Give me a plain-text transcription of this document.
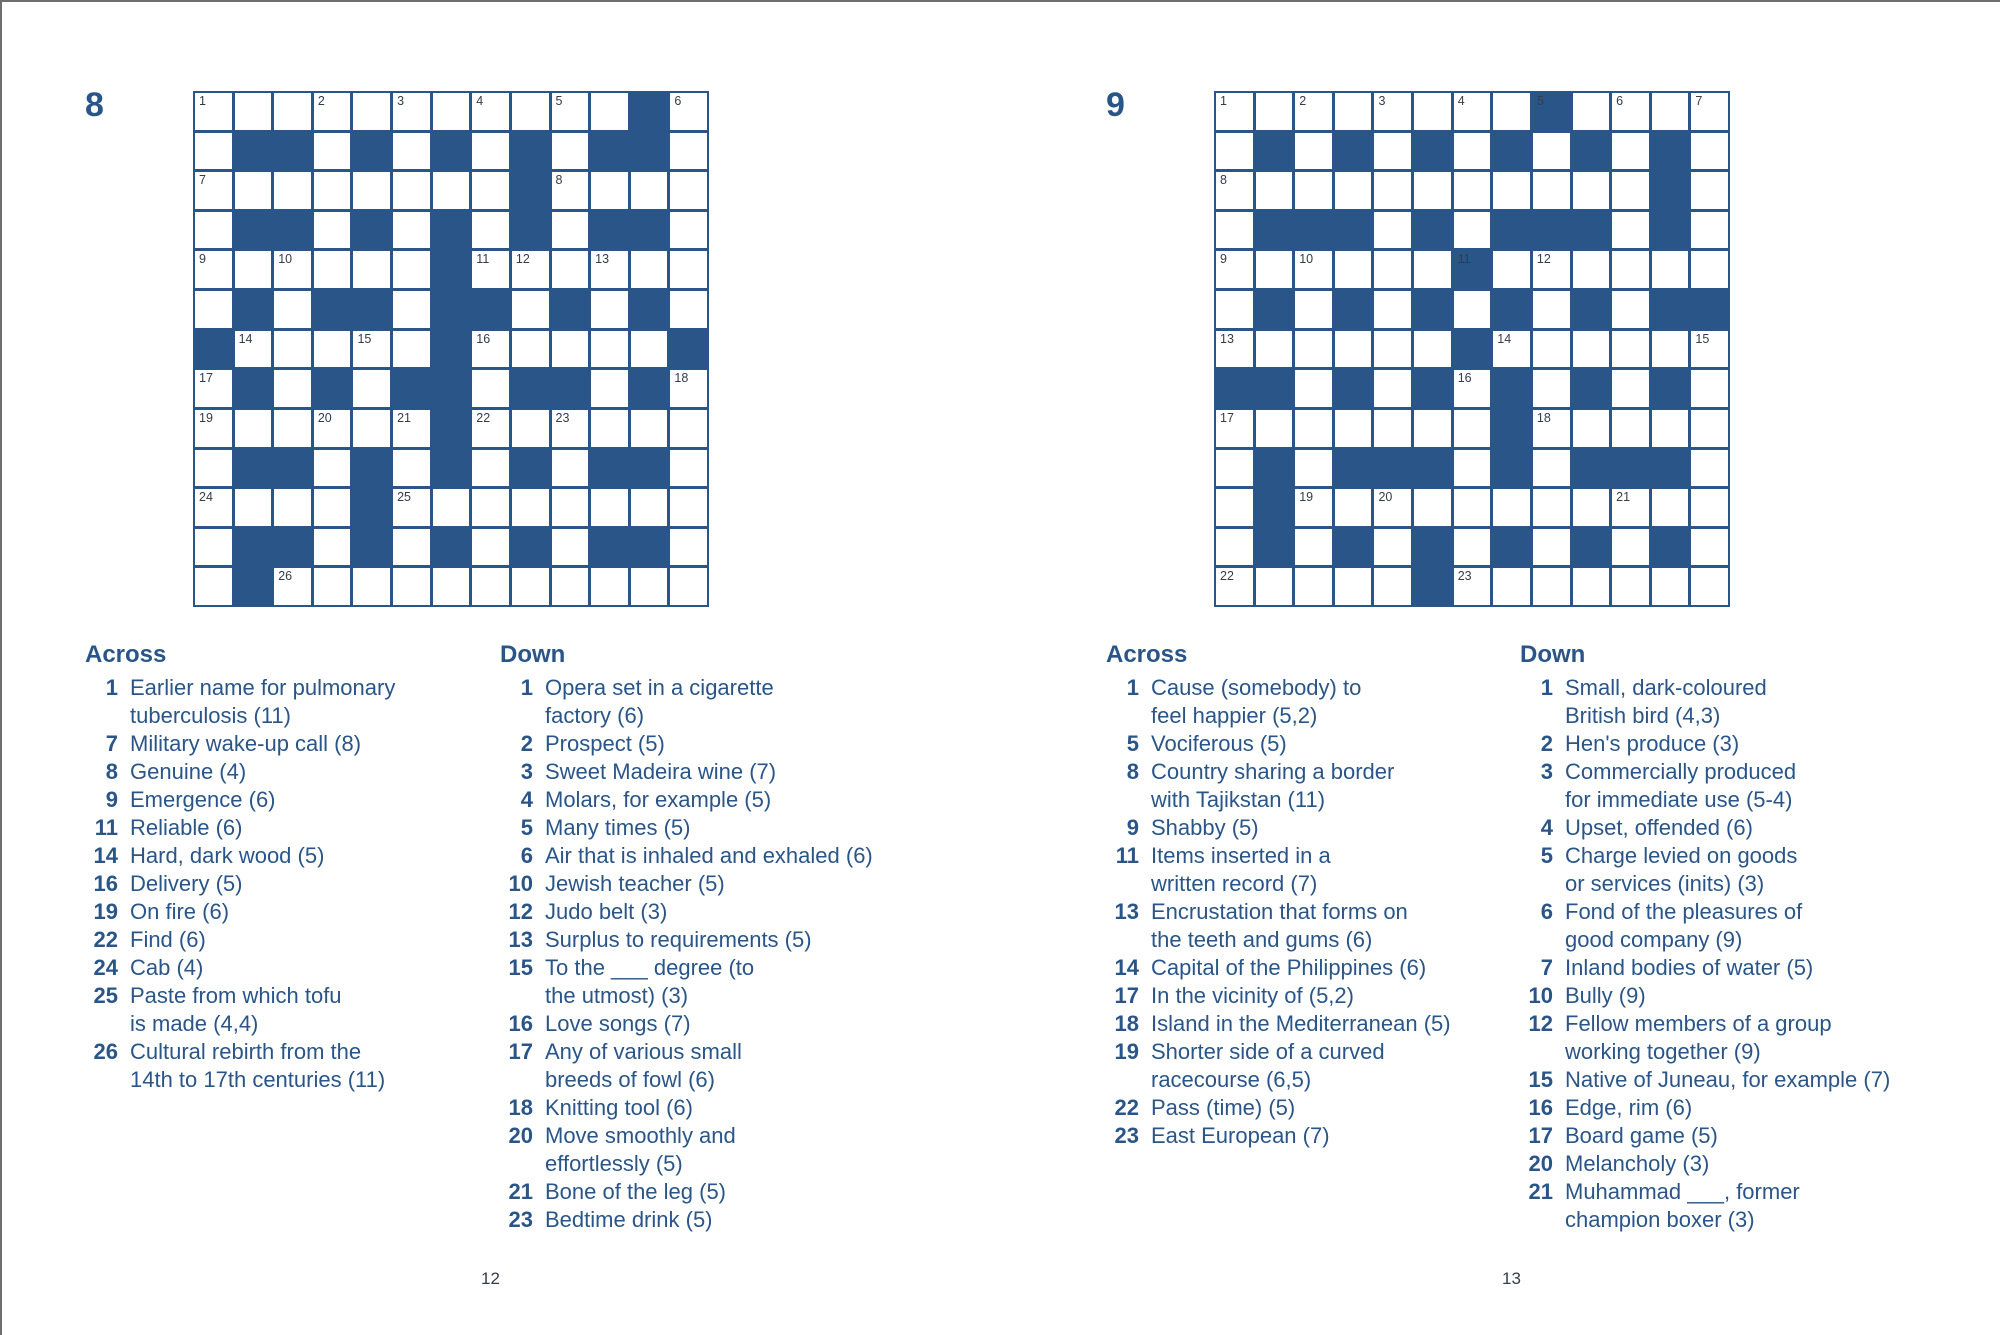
8	1	2	3	4	5	6
7	8
9	10	11 12	13
14	15	16
17	18
19	20	21	22	23
24	25
26
Across
1 Earlier name for pulmonary
tuberculosis (11)
7 Military wake-up call (8)
8 Genuine (4)
9 Emergence (6)
11 Reliable (6)
14 Hard, dark wood (5)
16 Delivery (5)
19 On fire (6)
22 Find (6)
24 Cab (4)
25 Paste from which tofu
is made (4,4)
26 Cultural rebirth from the
14th to 17th centuries (11)
Down
1 Opera set in a cigarette
factory (6)
2 Prospect (5)
3 Sweet Madeira wine (7)
4 Molars, for example (5)
5 Many times (5)
6 Air that is inhaled and exhaled (6)
10 Jewish teacher (5)
12 Judo belt (3)
13 Surplus to requirements (5)
15 To the ___ degree (to
the utmost) (3)
16 Love songs (7)
17 Any of various small
breeds of fowl (6)
18 Knitting tool (6)
20 Move smoothly and
effortlessly (5)
21 Bone of the leg (5)
23 Bedtime drink (5)
12
9	1	2	3	4	5	6	7
8
9	10	11	12
13	14	15
16
17	18
19	20	21
22	23
Across
1 Cause (somebody) to
feel happier (5,2)
5 Vociferous (5)
8 Country sharing a border
with Tajikstan (11)
9 Shabby (5)
11 Items inserted in a
written record (7)
13 Encrustation that forms on
the teeth and gums (6)
14 Capital of the Philippines (6)
17 In the vicinity of (5,2)
18 Island in the Mediterranean (5)
19 Shorter side of a curved
racecourse (6,5)
22 Pass (time) (5)
23 East European (7)
Down
1 Small, dark-coloured
British bird (4,3)
2 Hen's produce (3)
3 Commercially produced
for immediate use (5-4)
4 Upset, offended (6)
5 Charge levied on goods
or services (inits) (3)
6 Fond of the pleasures of
good company (9)
7 Inland bodies of water (5)
10 Bully (9)
12 Fellow members of a group
working together (9)
15 Native of Juneau, for example (7)
16 Edge, rim (6)
17 Board game (5)
20 Melancholy (3)
21 Muhammad ___, former
champion boxer (3)
13
